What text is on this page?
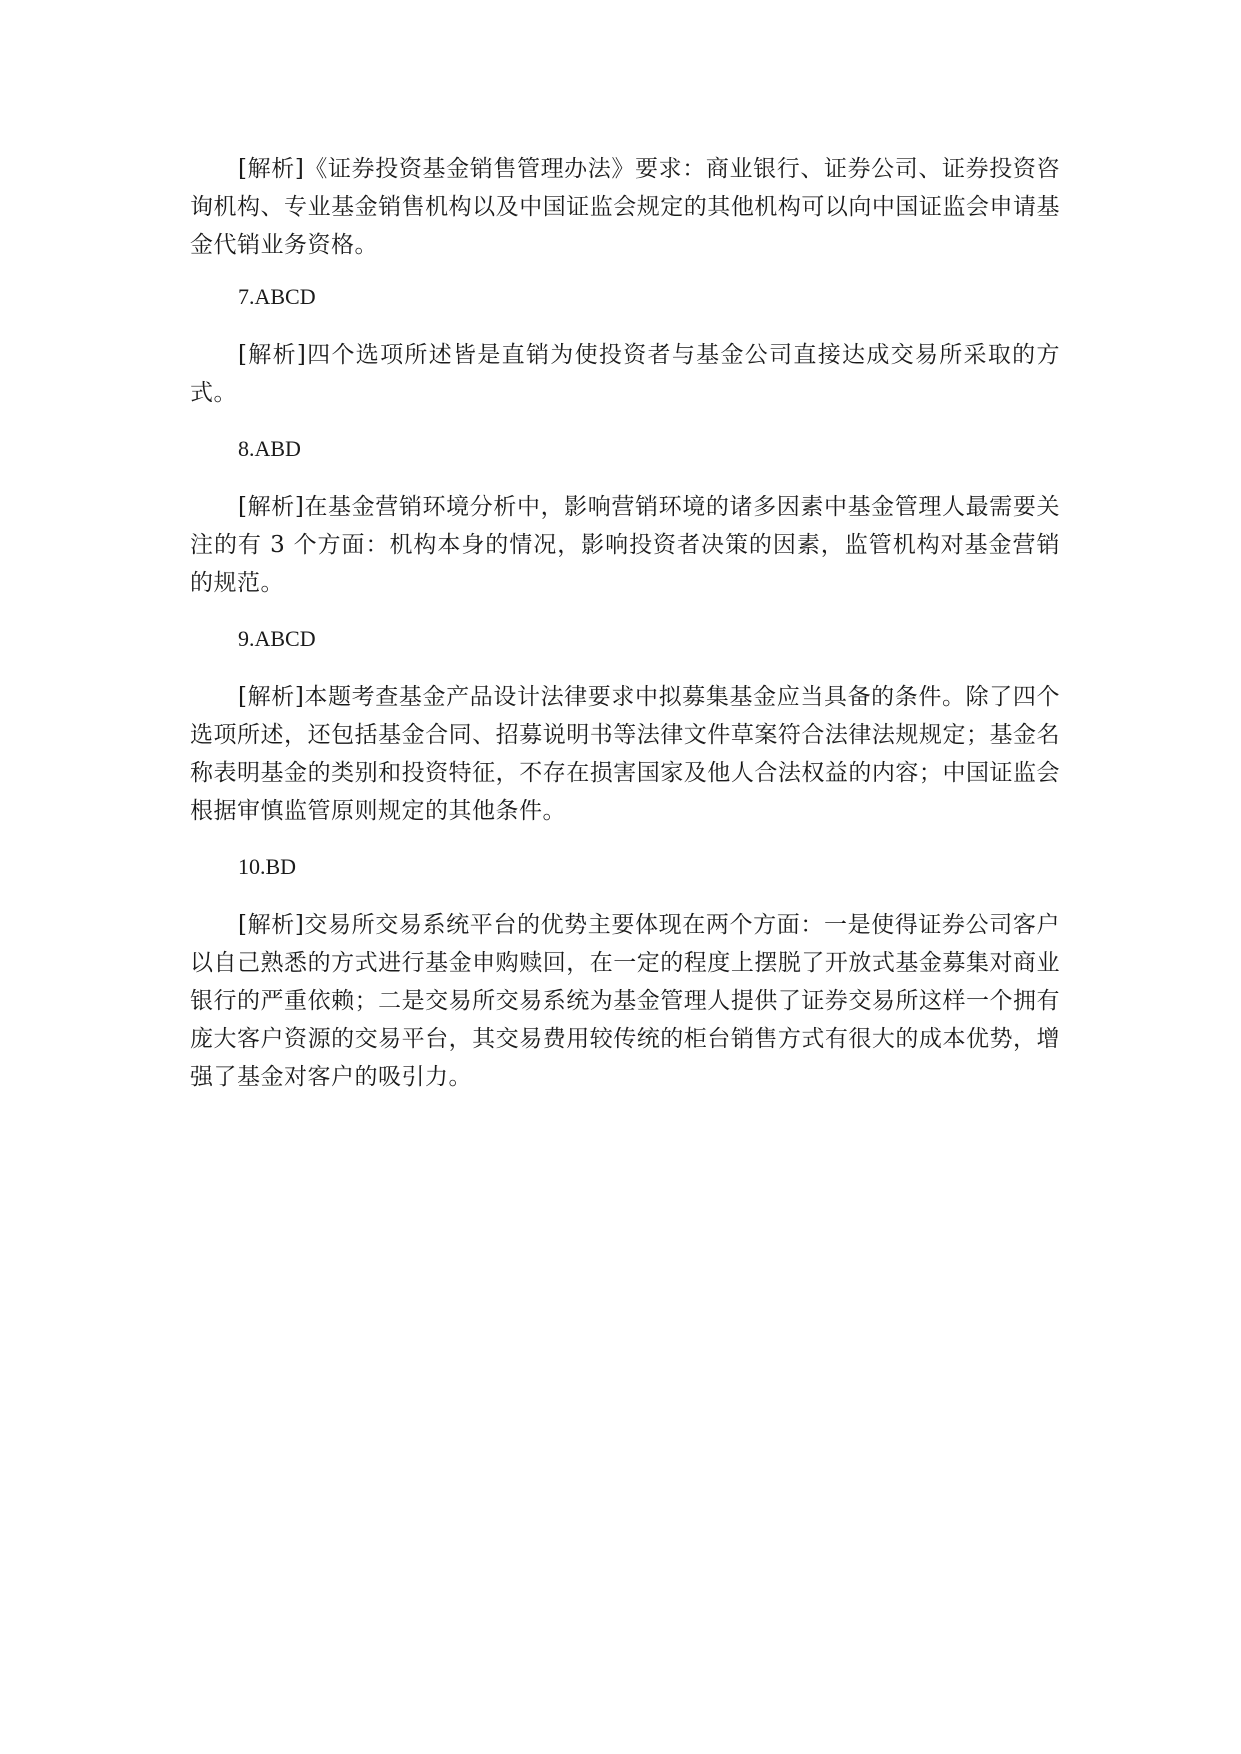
[解析]《证券投资基金销售管理办法》要求：商业银行、证券公司、证券投资咨询机构、专业基金销售机构以及中国证监会规定的其他机构可以向中国证监会申请基金代销业务资格。

7.ABCD

[解析]四个选项所述皆是直销为使投资者与基金公司直接达成交易所采取的方式。

8.ABD

[解析]在基金营销环境分析中，影响营销环境的诸多因素中基金管理人最需要关注的有 3 个方面：机构本身的情况，影响投资者决策的因素，监管机构对基金营销的规范。

9.ABCD

[解析]本题考查基金产品设计法律要求中拟募集基金应当具备的条件。除了四个选项所述，还包括基金合同、招募说明书等法律文件草案符合法律法规规定；基金名称表明基金的类别和投资特征，不存在损害国家及他人合法权益的内容；中国证监会根据审慎监管原则规定的其他条件。

10.BD

[解析]交易所交易系统平台的优势主要体现在两个方面：一是使得证券公司客户以自己熟悉的方式进行基金申购赎回，在一定的程度上摆脱了开放式基金募集对商业银行的严重依赖；二是交易所交易系统为基金管理人提供了证券交易所这样一个拥有庞大客户资源的交易平台，其交易费用较传统的柜台销售方式有很大的成本优势，增强了基金对客户的吸引力。
